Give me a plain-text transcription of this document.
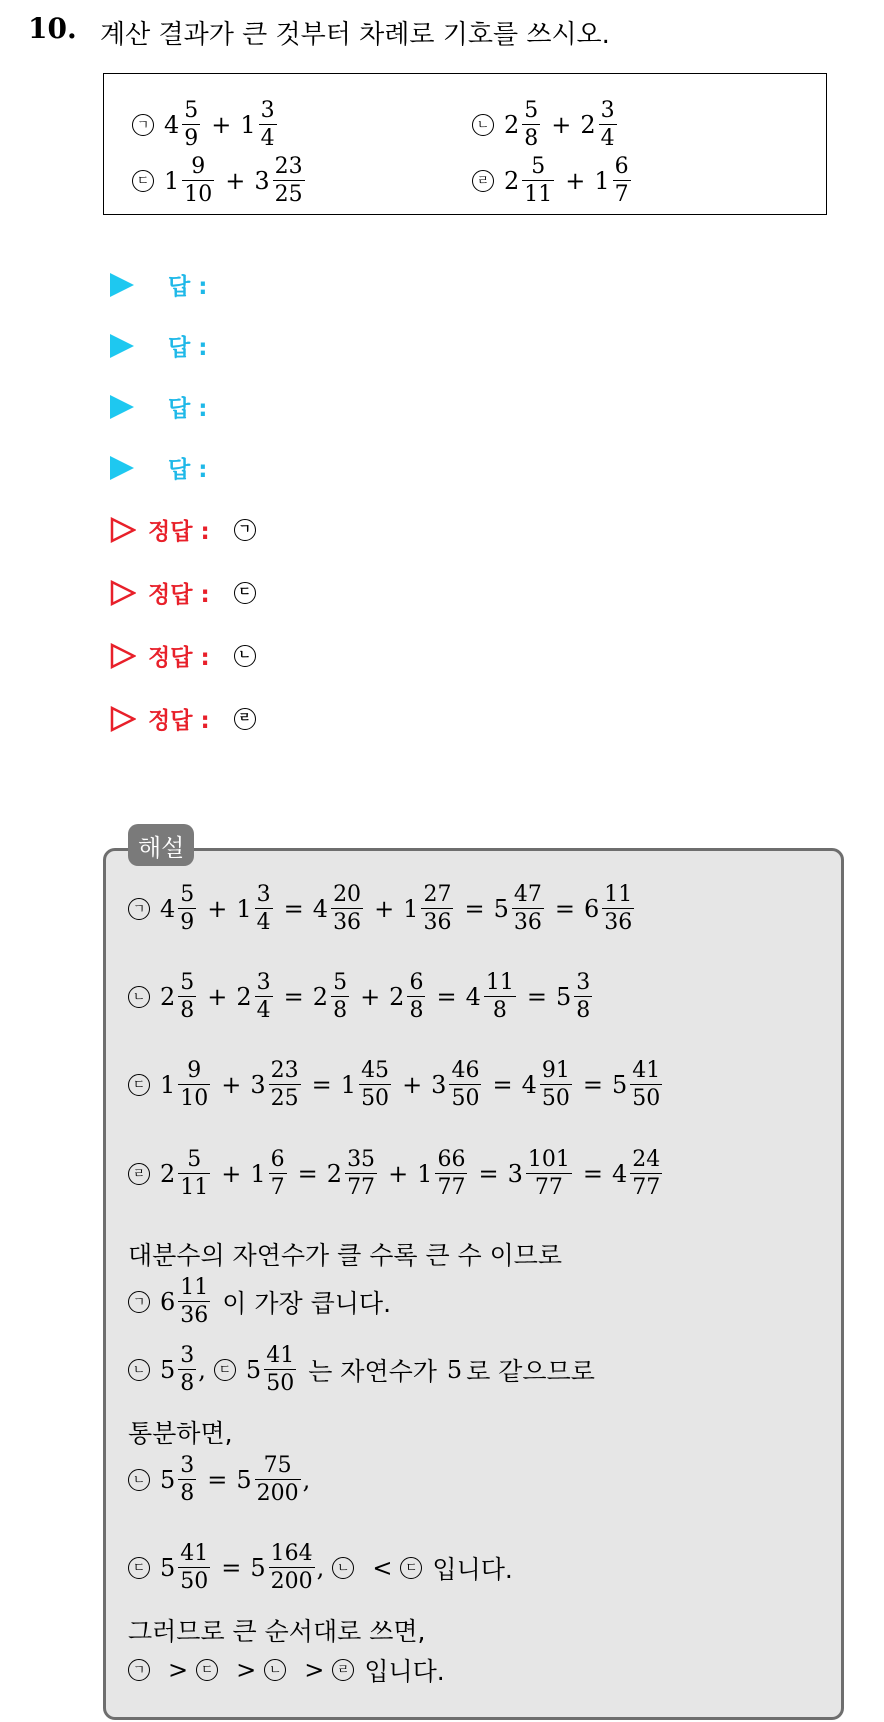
10. 계산 결과가 큰 것부터 차례로 기호를 쓰시오.
ㄱ $4 \frac{5}{9} + 1 \frac{3}{4}$	ㄴ $2 \frac{5}{8} + 2 \frac{3}{4}$
ㄷ $1 \frac{9}{10} + 3 \frac{23}{25}$	ㄹ $2 \frac{5}{11} + 1 \frac{6}{7}$
답 :
답 :
답 :
답 :
정답 :	ㄱ
정답 :	ㄷ
정답 :	ㄴ
정답 :	ㄹ
해설
ㄱ $4 \frac{5}{9} + 1 \frac{3}{4} = 4 \frac{20}{36} + 1 \frac{27}{36} = 5 \frac{47}{36} = 6 \frac{11}{36}$
ㄴ $2 \frac{5}{8} + 2 \frac{3}{4} = 2 \frac{5}{8} + 2 \frac{6}{8} = 4 \frac{11}{8} = 5 \frac{3}{8}$
ㄷ $1 \frac{9}{10} + 3 \frac{23}{25} = 1 \frac{45}{50} + 3 \frac{46}{50} = 4 \frac{91}{50} = 5 \frac{41}{50}$
ㄹ $2 \frac{5}{11} + 1 \frac{6}{7} = 2 \frac{35}{77} + 1 \frac{66}{77} = 3 \frac{101}{77} = 4 \frac{24}{77}$
대분수의 자연수가 클 수록 큰 수 이므로
ㄱ $6 \frac{11}{36}$ 이 가장 큽니다.
ㄴ $5 \frac{3}{8}$ , ㄷ $5 \frac{41}{50}$ 는 자연수가 5 로 같으므로
통분하면,
ㄴ $5 \frac{3}{8} = 5 \frac{75}{200}$ ,
ㄷ $5 \frac{41}{50} = 5 \frac{164}{200}$ , ㄴ < ㄷ 입니다.
그러므로 큰 순서대로 쓰면,
ㄱ > ㄷ > ㄴ > ㄹ 입니다.
